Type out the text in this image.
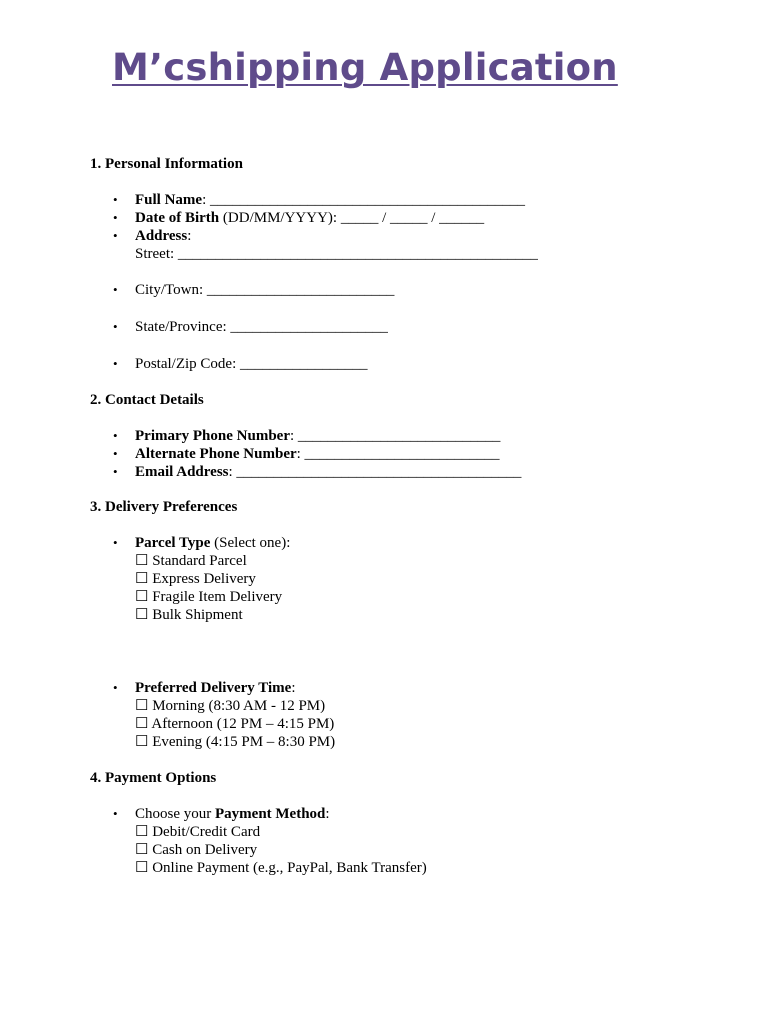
M’cshipping Application

1. Personal Information

• Full Name: __________________________________________
• Date of Birth (DD/MM/YYYY): _____ / _____ / ______
• Address:
Street: ________________________________________________
• City/Town: _________________________
• State/Province: _____________________
• Postal/Zip Code: _________________

2. Contact Details

• Primary Phone Number: ___________________________
• Alternate Phone Number: __________________________
• Email Address: ______________________________________

3. Delivery Preferences

• Parcel Type (Select one):
☐ Standard Parcel
☐ Express Delivery
☐ Fragile Item Delivery
☐ Bulk Shipment
• Preferred Delivery Time:
☐ Morning (8:30 AM - 12 PM)
☐ Afternoon (12 PM – 4:15 PM)
☐ Evening (4:15 PM – 8:30 PM)

4. Payment Options

• Choose your Payment Method:
☐ Debit/Credit Card
☐ Cash on Delivery
☐ Online Payment (e.g., PayPal, Bank Transfer)
